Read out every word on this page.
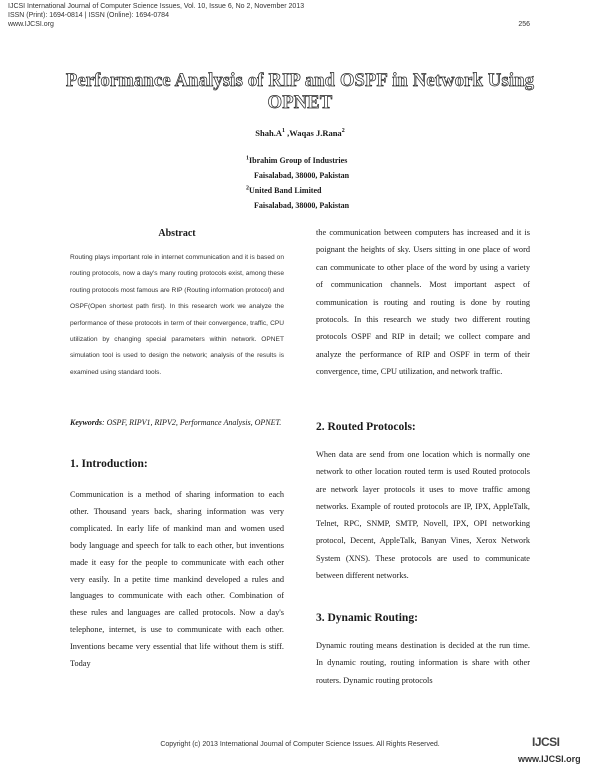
IJCSI International Journal of Computer Science Issues, Vol. 10, Issue 6, No 2, November 2013
ISSN (Print): 1694-0814 | ISSN (Online): 1694-0784
www.IJCSI.org	256
Performance Analysis of RIP and OSPF in Network Using OPNET
$Shah.A^1$ ,Waqas J.Rana$^2$
$^1$Ibrahim Group of Industries
Faisalabad, 38000, Pakistan
$^2$United Band Limited
Faisalabad, 38000, Pakistan
Abstract
Routing plays important role in internet communication and it is based on routing protocols, now a day's many routing protocols exist, among these routing protocols most famous are RIP (Routing information protocol) and OSPF(Open shortest path first). In this research work we analyze the performance of these protocols in term of their convergence, traffic, CPU utilization by changing special parameters within network. OPNET simulation tool is used to design the network; analysis of the results is examined using standard tools.
Keywords: OSPF, RIPV1, RIPV2, Performance Analysis, OPNET.
1. Introduction:
Communication is a method of sharing information to each other. Thousand years back, sharing information was very complicated. In early life of mankind man and women used body language and speech for talk to each other, but inventions made it easy for the people to communicate with each other very easily. In a petite time mankind developed a rules and languages to communicate with each other. Combination of these rules and languages are called protocols. Now a day's telephone, internet, is use to communicate with each other. Inventions became very essential that life without them is stiff. Today
the communication between computers has increased and it is poignant the heights of sky. Users sitting in one place of word can communicate to other place of the word by using a variety of communication channels. Most important aspect of communication is routing and routing is done by routing protocols. In this research we study two different routing protocols OSPF and RIP in detail; we collect compare and analyze the performance of RIP and OSPF in term of their convergence, time, CPU utilization, and network traffic.
2. Routed Protocols:
When data are send from one location which is normally one network to other location routed term is used Routed protocols are network layer protocols it uses to move traffic among networks. Example of routed protocols are IP, IPX, AppleTalk, Telnet, RPC, SNMP, SMTP, Novell, IPX, OPI networking protocol, Decent, AppleTalk, Banyan Vines, Xerox Network System (XNS). These protocols are used to communicate between different networks.
3. Dynamic Routing:
Dynamic routing means destination is decided at the run time. In dynamic routing, routing information is share with other routers. Dynamic routing protocols
Copyright (c) 2013 International Journal of Computer Science Issues. All Rights Reserved.	IJCSI
www.IJCSI.org
